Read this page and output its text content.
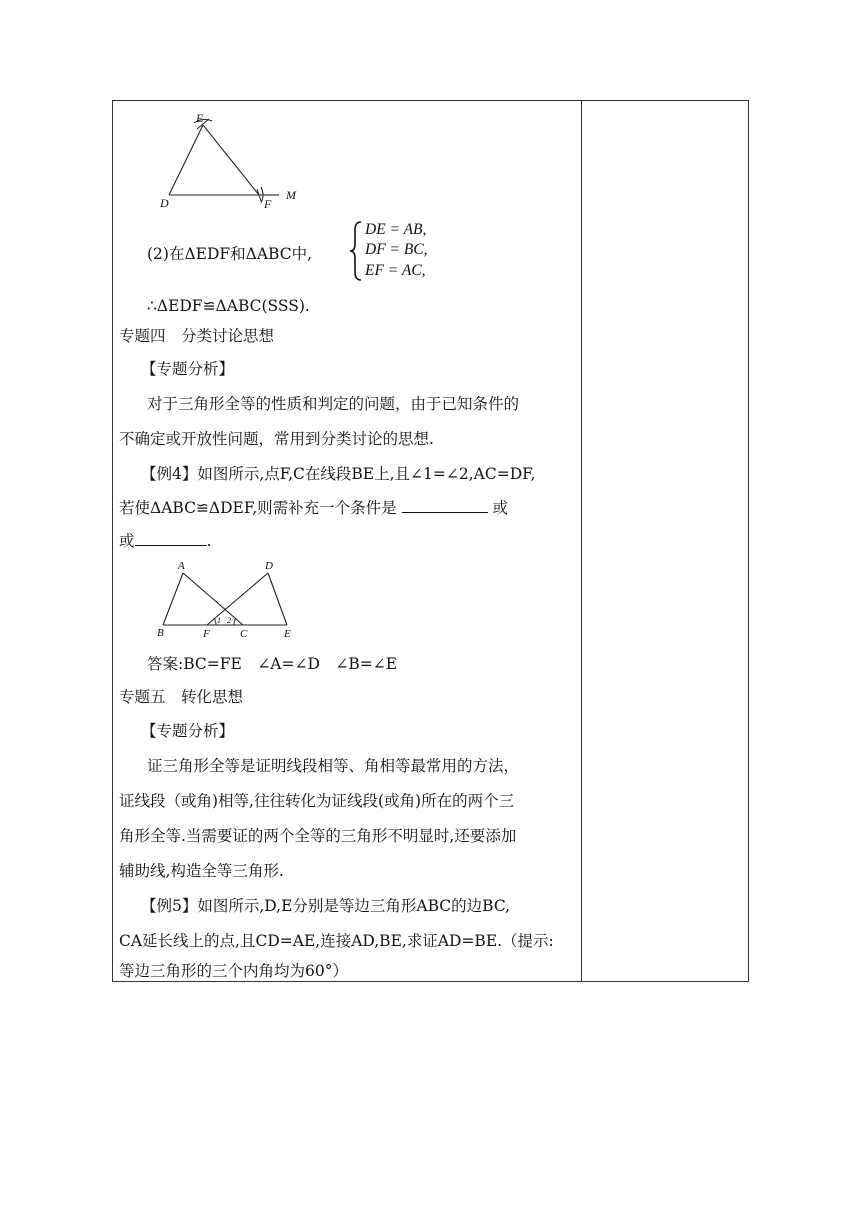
E
D	F
M
(2)在ΔEDF和ΔABC中,
DE = AB,
DF = BC,
EF = AC,
∴ΔEDF≌ΔABC(SSS).
专题四　分类讨论思想
【专题分析】
对于三角形全等的性质和判定的问题，由于已知条件的
不确定或开放性问题，常用到分类讨论的思想.
【例4】如图所示,点F,C在线段BE上,且∠1=∠2,AC=DF,
若使ΔABC≌ΔDEF,则需补充一个条件是	或
或	.
A	D
B	F	C	E
1 2
答案:BC=FE　∠A=∠D　∠B=∠E
专题五　转化思想
【专题分析】
证三角形全等是证明线段相等、角相等最常用的方法，
证线段（或角)相等,往往转化为证线段(或角)所在的两个三
角形全等.当需要证的两个全等的三角形不明显时,还要添加
辅助线,构造全等三角形.
【例5】如图所示,D,E分别是等边三角形ABC的边BC,
CA延长线上的点,且CD=AE,连接AD,BE,求证AD=BE.（提示:
等边三角形的三个内角均为60°）
